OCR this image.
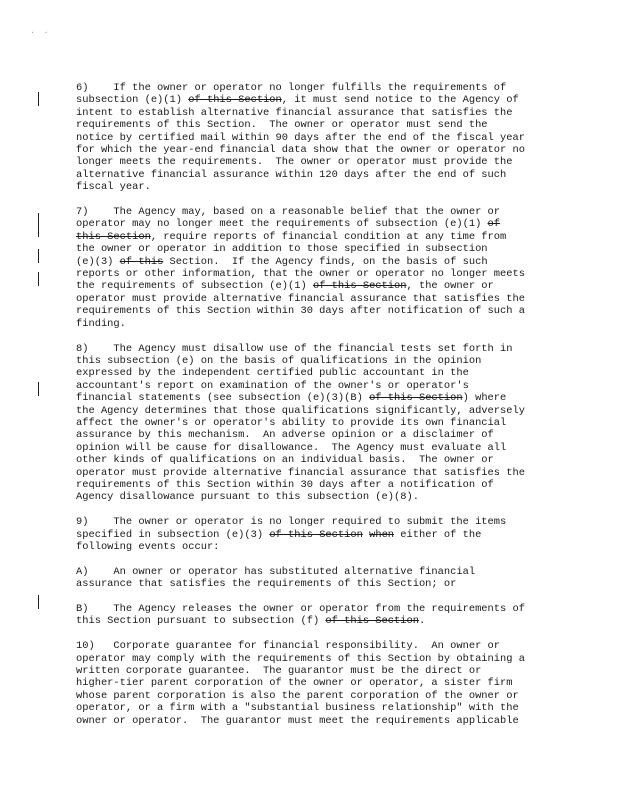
. .
6)    If the owner or operator no longer fulfills the requirements of
subsection (e)(1) of this Section, it must send notice to the Agency of
intent to establish alternative financial assurance that satisfies the
requirements of this Section.  The owner or operator must send the
notice by certified mail within 90 days after the end of the fiscal year
for which the year-end financial data show that the owner or operator no
longer meets the requirements.  The owner or operator must provide the
alternative financial assurance within 120 days after the end of such
fiscal year.
7)    The Agency may, based on a reasonable belief that the owner or
operator may no longer meet the requirements of subsection (e)(1) of
this Section, require reports of financial condition at any time from
the owner or operator in addition to those specified in subsection
(e)(3) of this Section.  If the Agency finds, on the basis of such
reports or other information, that the owner or operator no longer meets
the requirements of subsection (e)(1) of this Section, the owner or
operator must provide alternative financial assurance that satisfies the
requirements of this Section within 30 days after notification of such a
finding.
8)    The Agency must disallow use of the financial tests set forth in
this subsection (e) on the basis of qualifications in the opinion
expressed by the independent certified public accountant in the
accountant's report on examination of the owner's or operator's
financial statements (see subsection (e)(3)(B) of this Section) where
the Agency determines that those qualifications significantly, adversely
affect the owner's or operator's ability to provide its own financial
assurance by this mechanism.  An adverse opinion or a disclaimer of
opinion will be cause for disallowance.  The Agency must evaluate all
other kinds of qualifications on an individual basis.  The owner or
operator must provide alternative financial assurance that satisfies the
requirements of this Section within 30 days after a notification of
Agency disallowance pursuant to this subsection (e)(8).
9)    The owner or operator is no longer required to submit the items
specified in subsection (e)(3) of this Section when either of the
following events occur:
A)    An owner or operator has substituted alternative financial
assurance that satisfies the requirements of this Section; or
B)    The Agency releases the owner or operator from the requirements of
this Section pursuant to subsection (f) of this Section.
10)   Corporate guarantee for financial responsibility.  An owner or
operator may comply with the requirements of this Section by obtaining a
written corporate guarantee.  The guarantor must be the direct or
higher-tier parent corporation of the owner or operator, a sister firm
whose parent corporation is also the parent corporation of the owner or
operator, or a firm with a "substantial business relationship" with the
owner or operator.  The guarantor must meet the requirements applicable
